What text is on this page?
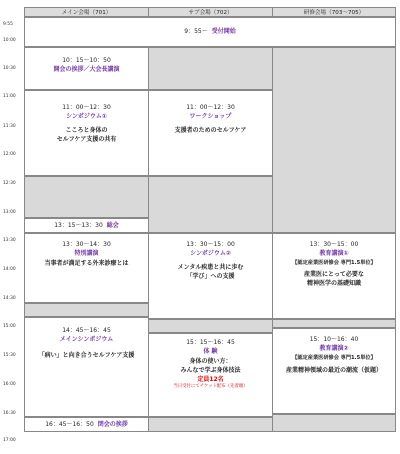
メイン会場（701）	サブ会場（702）	研修会場（703〜705）
9:55
10:00
10:30
11:00
11:30
12:00
12:30
13:00
13:30
14:00
14:30
15:00
15:30
16:00
16:30
17:00
9：55〜 受付開始
10：15〜10：50
開会の挨拶／大会長講演
11：00〜12：30
シンポジウム①
こころと身体の
セルフケア支援の共有
13：15〜13：30 総会
13：30〜14：30
特別講演
当事者が満足する外来診療とは
14：45〜16：45
メインシンポジウム
「病い」と向き合うセルフケア支援
16：45〜16：50 閉会の挨拶
11：00〜12：30
ワークショップ
支援者のためのセルフケア
13：30〜15：00
シンポジウム②
メンタル疾患と共に歩む
「学び」への支援
15：15〜16：45
体 験
身体の使い方：
みんなで学ぶ身体技法
定員12名
当日受付にてチケット配布（先着順）
13：30〜15：00
教育講演①
【認定産業医研修会 専門1.5単位】
産業医にとって必要な
精神医学の基礎知識
15：10〜16：40
教育講演②
【認定産業医研修会 専門1.5単位】
産業精神領域の最近の潮流（仮題）
